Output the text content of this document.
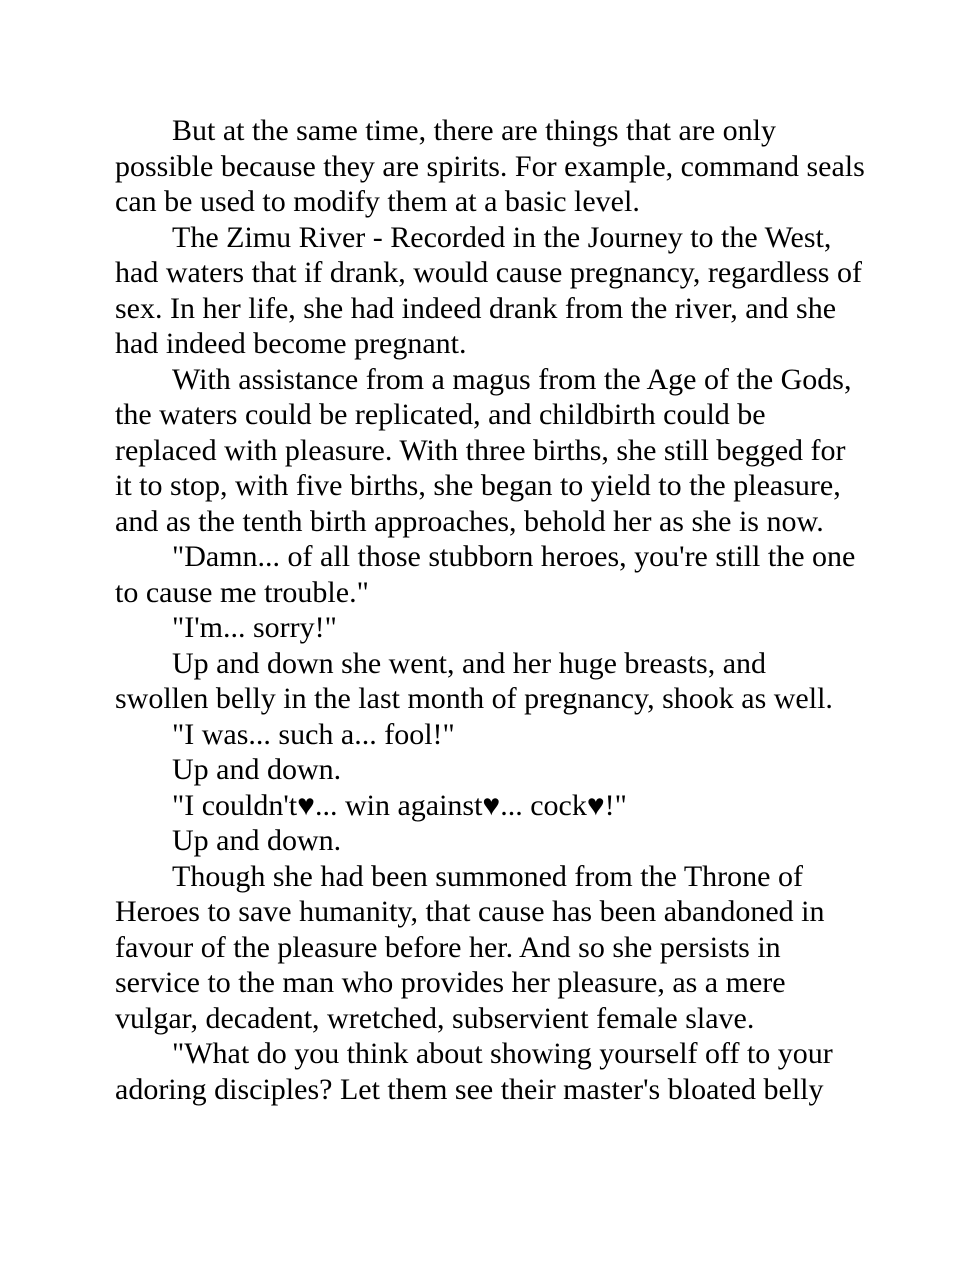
But at the same time, there are things that are only possible because they are spirits. For example, command seals can be used to modify them at a basic level.

The Zimu River - Recorded in the Journey to the West, had waters that if drank, would cause pregnancy, regardless of sex. In her life, she had indeed drank from the river, and she had indeed become pregnant.

With assistance from a magus from the Age of the Gods, the waters could be replicated, and childbirth could be replaced with pleasure. With three births, she still begged for it to stop, with five births, she began to yield to the pleasure, and as the tenth birth approaches, behold her as she is now.

"Damn... of all those stubborn heroes, you're still the one to cause me trouble."

"I'm... sorry!"

Up and down she went, and her huge breasts, and swollen belly in the last month of pregnancy, shook as well.

"I was... such a... fool!"

Up and down.

"I couldn't♥... win against♥... cock♥!"

Up and down.

Though she had been summoned from the Throne of Heroes to save humanity, that cause has been abandoned in favour of the pleasure before her. And so she persists in service to the man who provides her pleasure, as a mere vulgar, decadent, wretched, subservient female slave.

"What do you think about showing yourself off to your adoring disciples? Let them see their master's bloated belly
